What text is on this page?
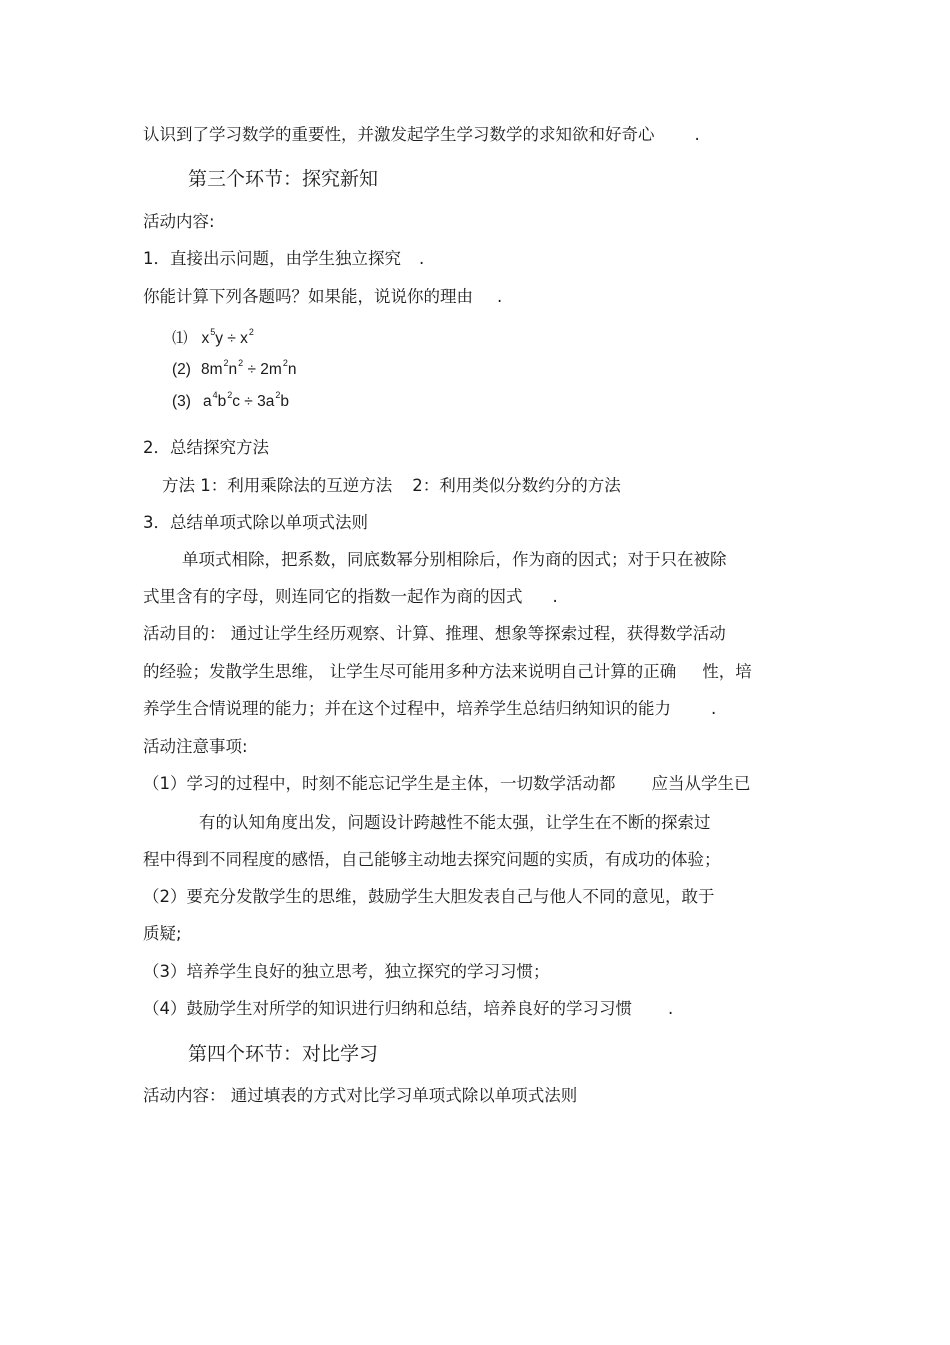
认识到了学习数学的重要性，并激发起学生学习数学的求知欲和好奇心 .
第三个环节：探究新知
活动内容:
1．直接出示问题，由学生独立探究 .
你能计算下列各题吗？如果能，说说你的理由 .
⑴ $x^5y \div x^2$
(2) $8m^2n^2 \div 2m^2n$
(3) $a^4b^2c \div 3a^2b$
2．总结探究方法
方法 1：利用乘除法的互逆方法 2：利用类似分数约分的方法
3．总结单项式除以单项式法则
单项式相除，把系数，同底数幂分别相除后，作为商的因式；对于只在被除
式里含有的字母，则连同它的指数一起作为商的因式 .
活动目的： 通过让学生经历观察、计算、推理、想象等探索过程，获得数学活动
的经验；发散学生思维， 让学生尽可能用多种方法来说明自己计算的正确 性，培
养学生合情说理的能力；并在这个过程中，培养学生总结归纳知识的能力 .
活动注意事项:
（1）学习的过程中，时刻不能忘记学生是主体，一切数学活动都 应当从学生已
有的认知角度出发，问题设计跨越性不能太强，让学生在不断的探索过
程中得到不同程度的感悟，自己能够主动地去探究问题的实质，有成功的体验；
（2）要充分发散学生的思维，鼓励学生大胆发表自己与他人不同的意见，敢于
质疑;
（3）培养学生良好的独立思考，独立探究的学习习惯；
（4）鼓励学生对所学的知识进行归纳和总结，培养良好的学习习惯 .
第四个环节：对比学习
活动内容： 通过填表的方式对比学习单项式除以单项式法则
